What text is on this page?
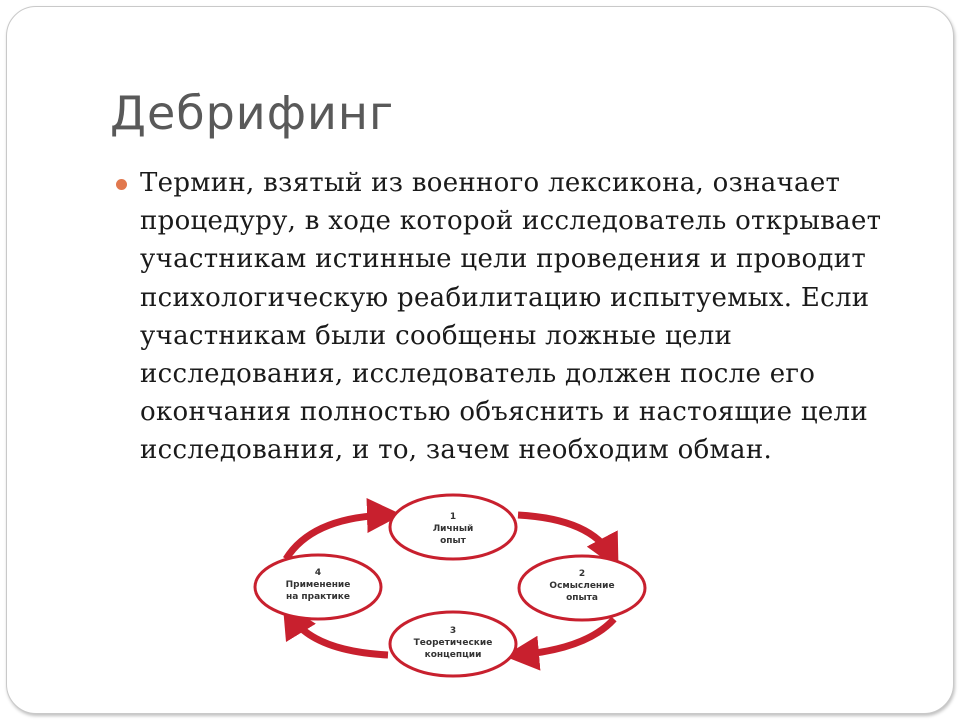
Дебрифинг

Термин, взятый из военного лексикона, означает
процедуру, в ходе которой исследователь открывает
участникам истинные цели проведения и проводит
психологическую реабилитацию испытуемых. Если
участникам были сообщены ложные цели
исследования, исследователь должен после его
окончания полностью объяснить и настоящие цели
исследования, и то, зачем необходим обман.

1
Личный
опыт
2
Осмысление
опыта
3
Теоретические
концепции
4
Применение
на практике
